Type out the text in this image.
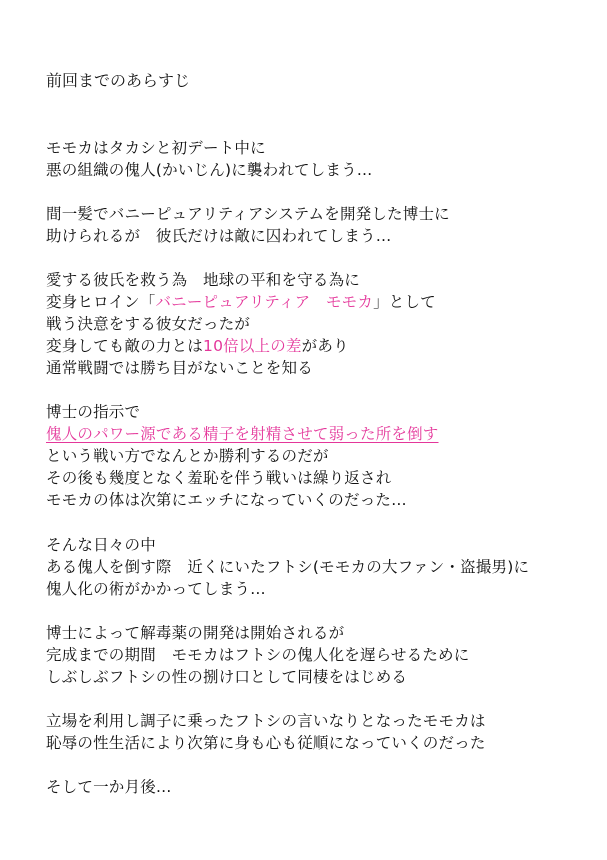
前回までのあらすじ
モモカはタカシと初デート中に
悪の組織の傀人(かいじん)に襲われてしまう…
間一髪でバニーピュアリティアシステムを開発した博士に
助けられるが　彼氏だけは敵に囚われてしまう…
愛する彼氏を救う為　地球の平和を守る為に
変身ヒロイン「バニーピュアリティア　モモカ」として
戦う決意をする彼女だったが
変身しても敵の力とは10倍以上の差があり
通常戦闘では勝ち目がないことを知る
博士の指示で
傀人のパワー源である精子を射精させて弱った所を倒す
という戦い方でなんとか勝利するのだが
その後も幾度となく羞恥を伴う戦いは繰り返され
モモカの体は次第にエッチになっていくのだった…
そんな日々の中
ある傀人を倒す際　近くにいたフトシ(モモカの大ファン・盗撮男)に
傀人化の術がかかってしまう…
博士によって解毒薬の開発は開始されるが
完成までの期間　モモカはフトシの傀人化を遅らせるために
しぶしぶフトシの性の捌け口として同棲をはじめる
立場を利用し調子に乗ったフトシの言いなりとなったモモカは
恥辱の性生活により次第に身も心も従順になっていくのだった
そして一か月後…
